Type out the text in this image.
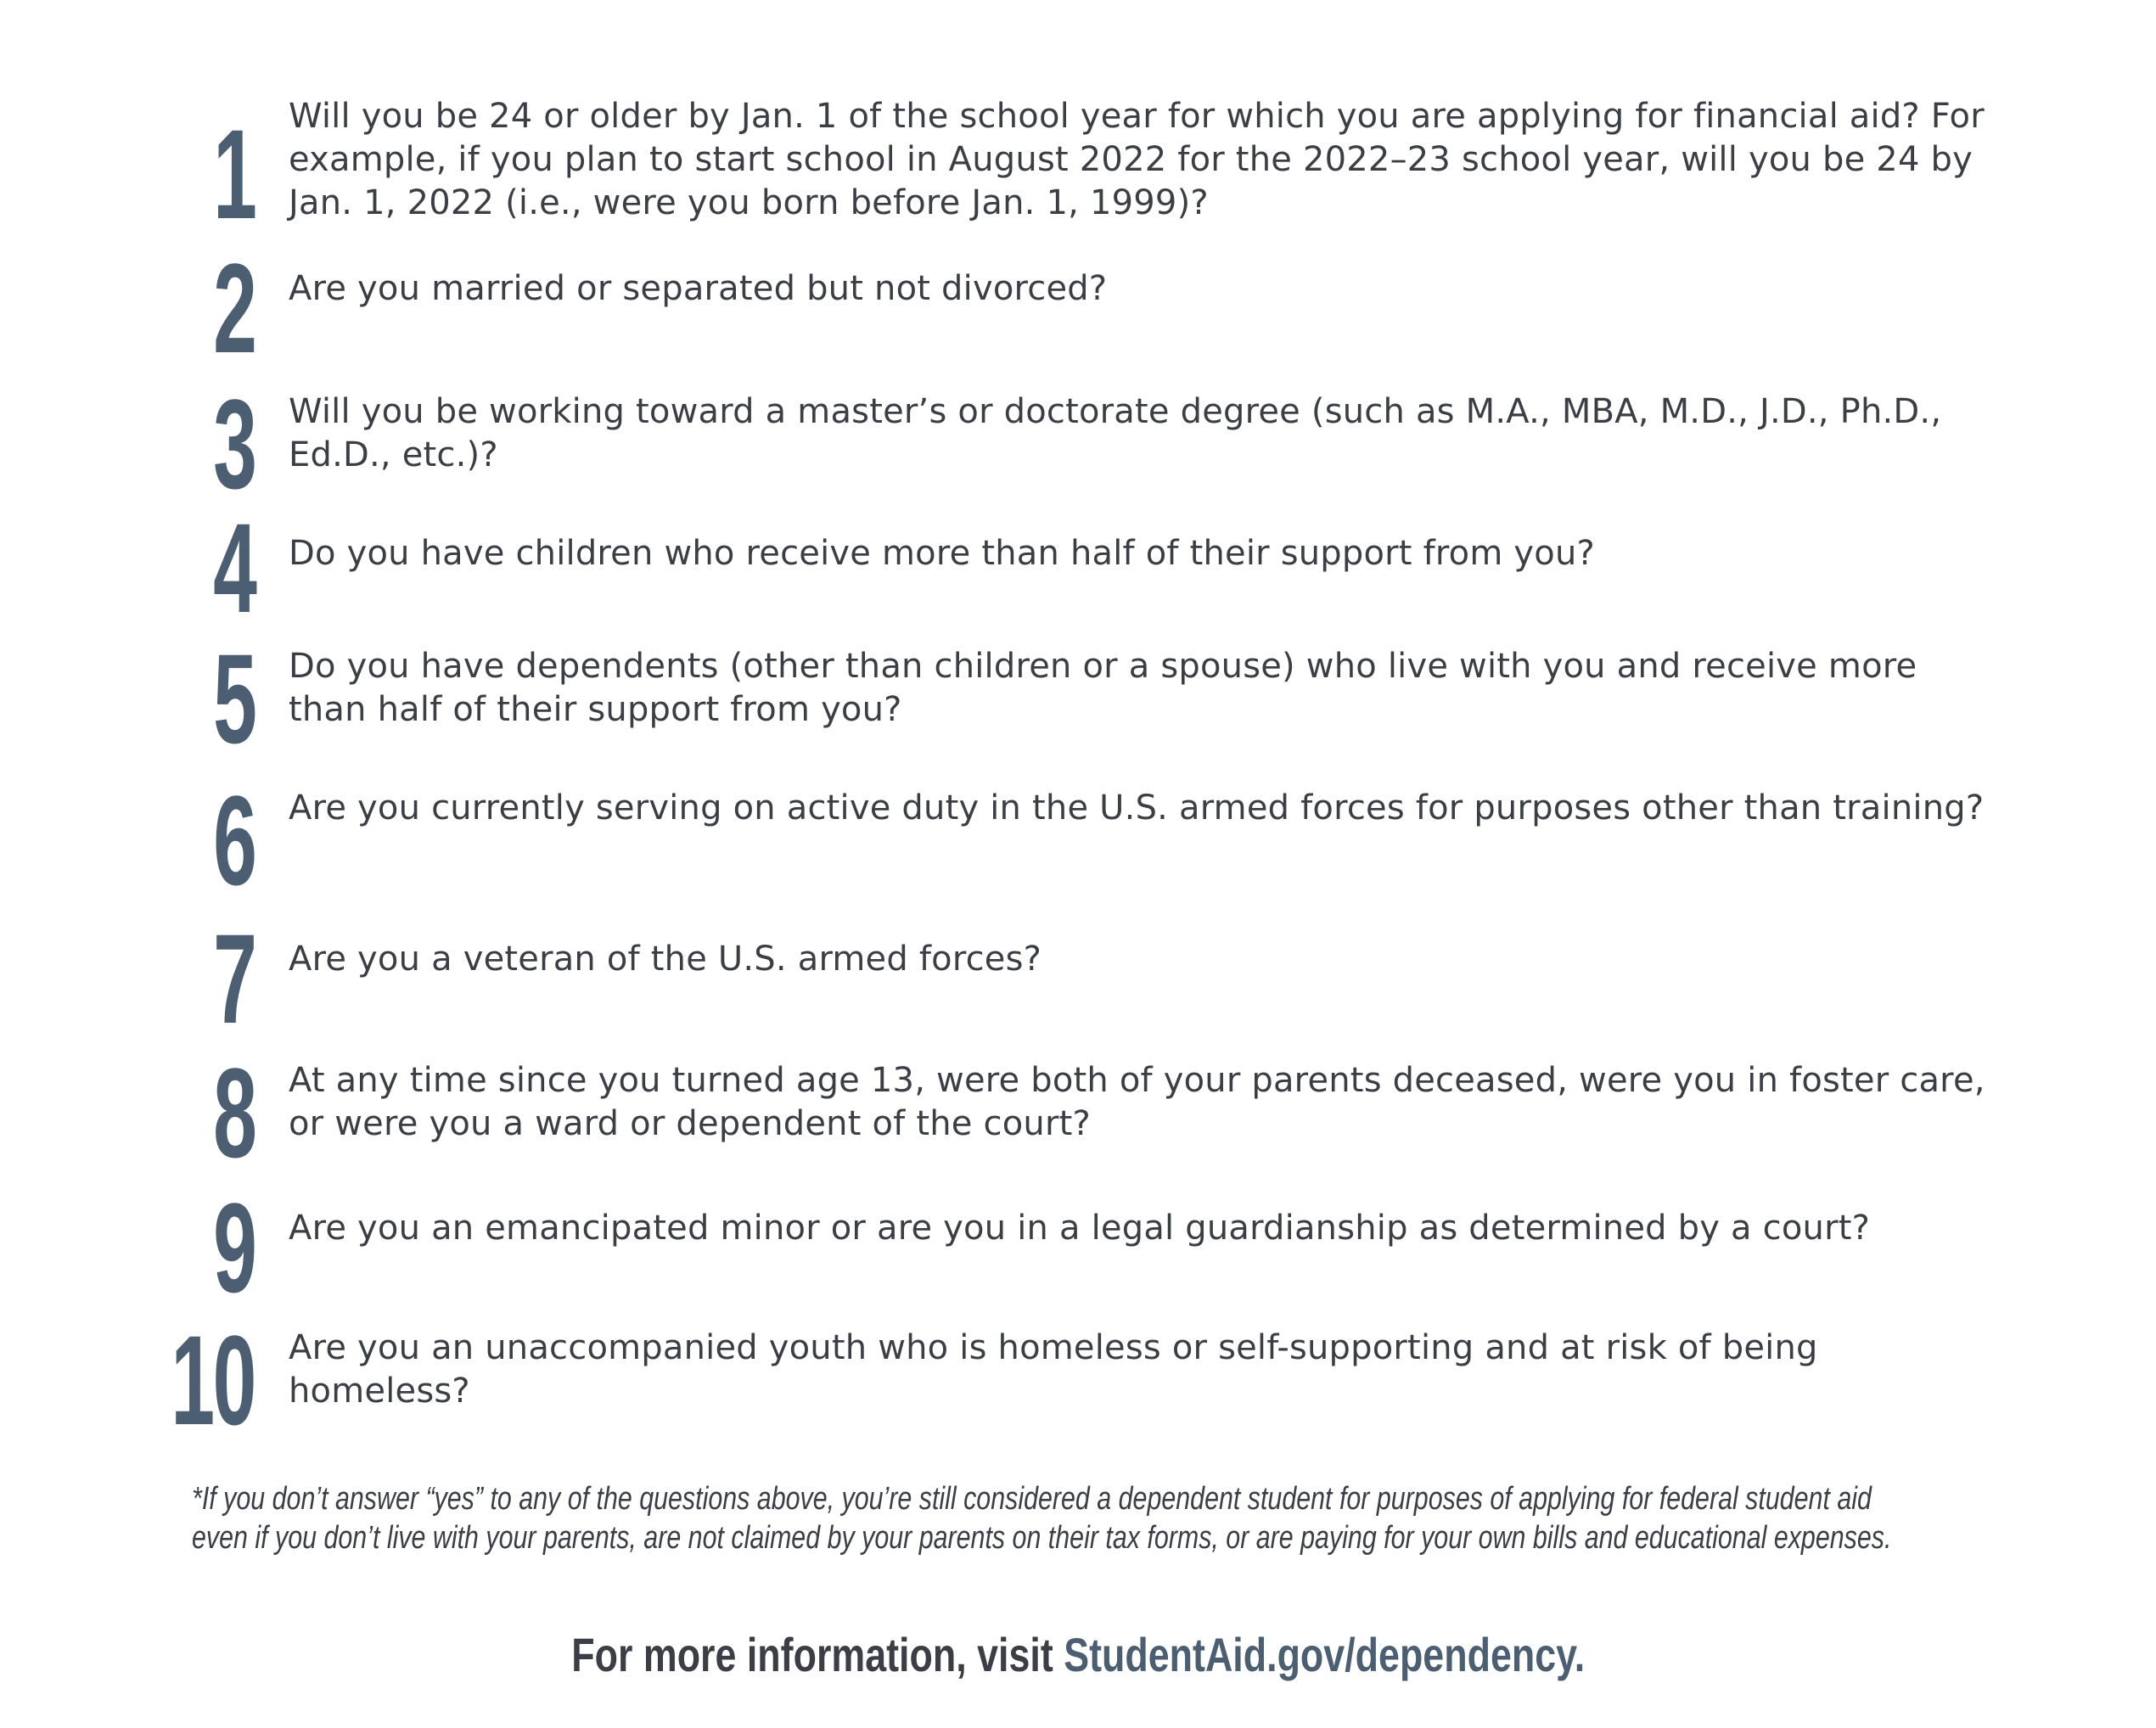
1 Will you be 24 or older by Jan. 1 of the school year for which you are applying for financial aid? For example, if you plan to start school in August 2022 for the 2022–23 school year, will you be 24 by Jan. 1, 2022 (i.e., were you born before Jan. 1, 1999)?
2 Are you married or separated but not divorced?
3 Will you be working toward a master’s or doctorate degree (such as M.A., MBA, M.D., J.D., Ph.D., Ed.D., etc.)?
4 Do you have children who receive more than half of their support from you?
5 Do you have dependents (other than children or a spouse) who live with you and receive more than half of their support from you?
6 Are you currently serving on active duty in the U.S. armed forces for purposes other than training?
7 Are you a veteran of the U.S. armed forces?
8 At any time since you turned age 13, were both of your parents deceased, were you in foster care, or were you a ward or dependent of the court?
9 Are you an emancipated minor or are you in a legal guardianship as determined by a court?
10 Are you an unaccompanied youth who is homeless or self-supporting and at risk of being homeless?
*If you don’t answer “yes” to any of the questions above, you’re still considered a dependent student for purposes of applying for federal student aid
even if you don’t live with your parents, are not claimed by your parents on their tax forms, or are paying for your own bills and educational expenses.
For more information, visit StudentAid.gov/dependency.
